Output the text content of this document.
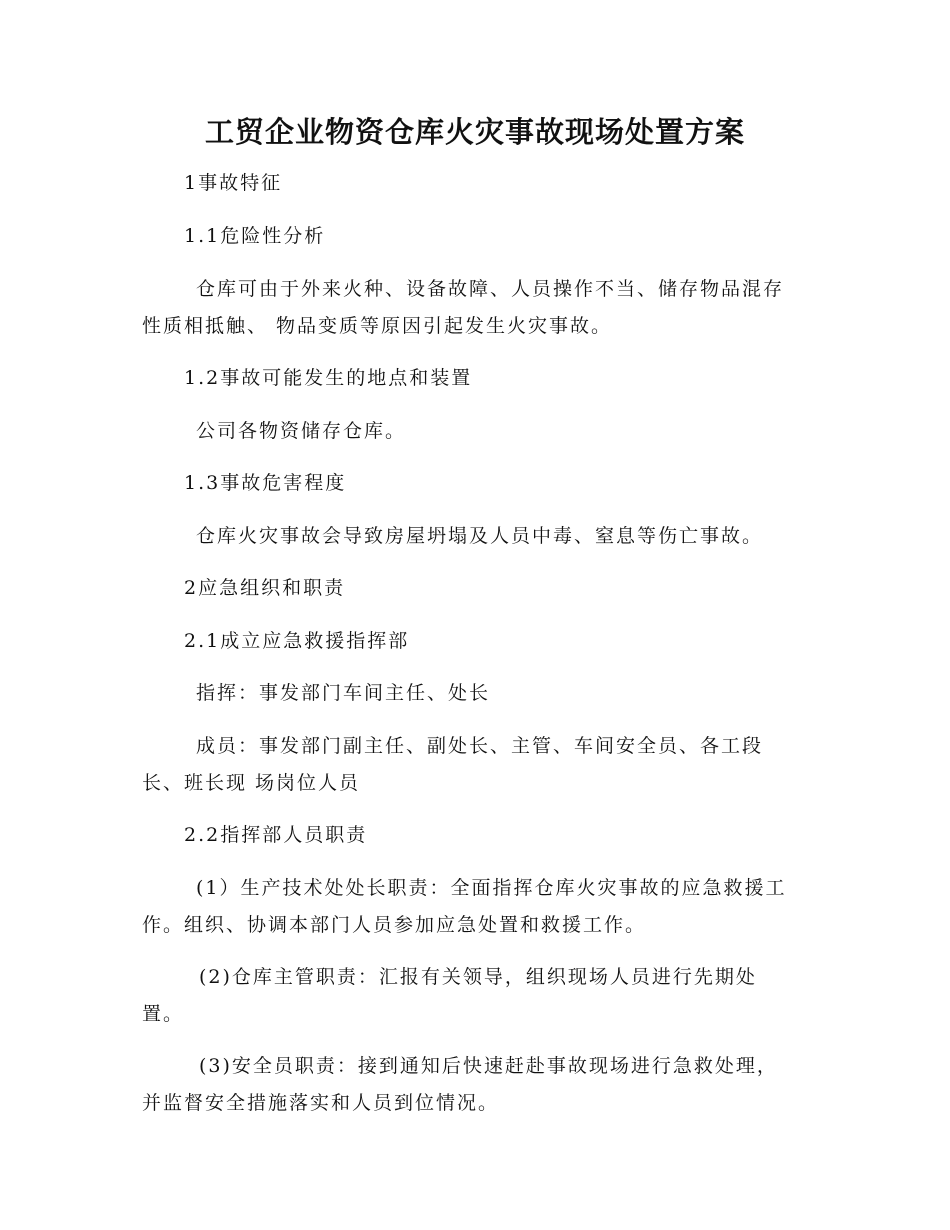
工贸企业物资仓库火灾事故现场处置方案

1事故特征

1.1危险性分析

仓库可由于外来火种、设备故障、人员操作不当、储存物品混存

性质相抵触、 物品变质等原因引起发生火灾事故。

1.2事故可能发生的地点和装置

公司各物资储存仓库。

1.3事故危害程度

仓库火灾事故会导致房屋坍塌及人员中毒、窒息等伤亡事故。

2应急组织和职责

2.1成立应急救援指挥部

指挥：事发部门车间主任、处长

成员：事发部门副主任、副处长、主管、车间安全员、各工段

长、班长现 场岗位人员

2.2指挥部人员职责

(1）生产技术处处长职责：全面指挥仓库火灾事故的应急救援工

作。组织、协调本部门人员参加应急处置和救援工作。

(2)仓库主管职责：汇报有关领导，组织现场人员进行先期处

置。

(3)安全员职责：接到通知后快速赶赴事故现场进行急救处理，

并监督安全措施落实和人员到位情况。
